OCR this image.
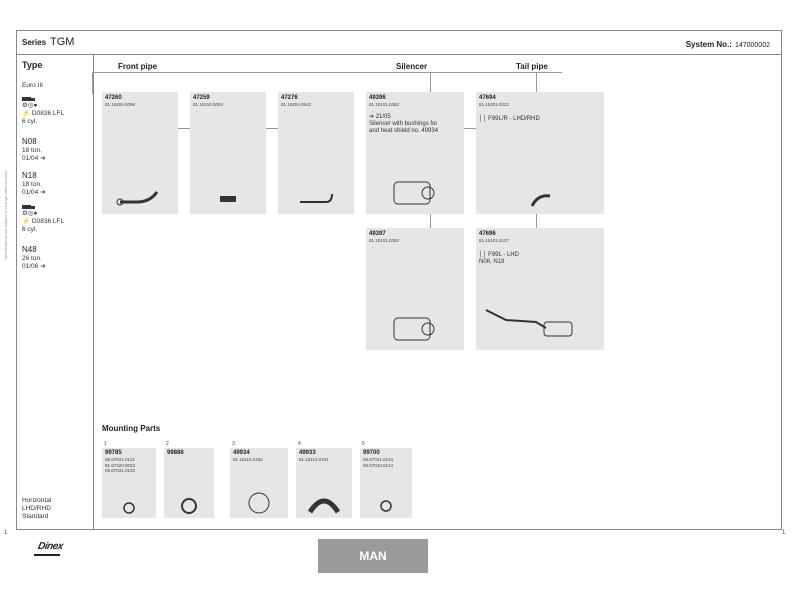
Series TGM	System No.: 147000002
Specifications are subject to change without notice
Type
Euro III
⚙◎●
⚡ D0836 LFL
6 cyl.
N08
18 ton.
01/04 ➔
N18
18 ton.
01/04 ➔
⚙◎●
⚡ D0836 LFL
6 cyl.
N48
26 ton.
01/06 ➔
Horizontal
LHD/RHD
Standard
Front pipe	Silencer	Tail pipe
47260
81.15204.6096
47259
81.15210.5004
47276
81.15204.0542
49396
81.15101.0362
➔ 21/05
Silencer with bushings for
and heat shield no. 49934
47694
81.15201.0222
││ F99L/R - LHD/RHD
49397
81.15101.0392
47696
81.15101.5127
││ F99L - LHD
N08, N18
Mounting Parts
1
99785
06.67041.0121
81.97420.0023
06.67041.0133
2
99886
3
49934
81.15110.0432
4
49933
81.15110.0431
5
99700
06.67041.0124
06.67043.0124
1	1
Dinex
MAN
